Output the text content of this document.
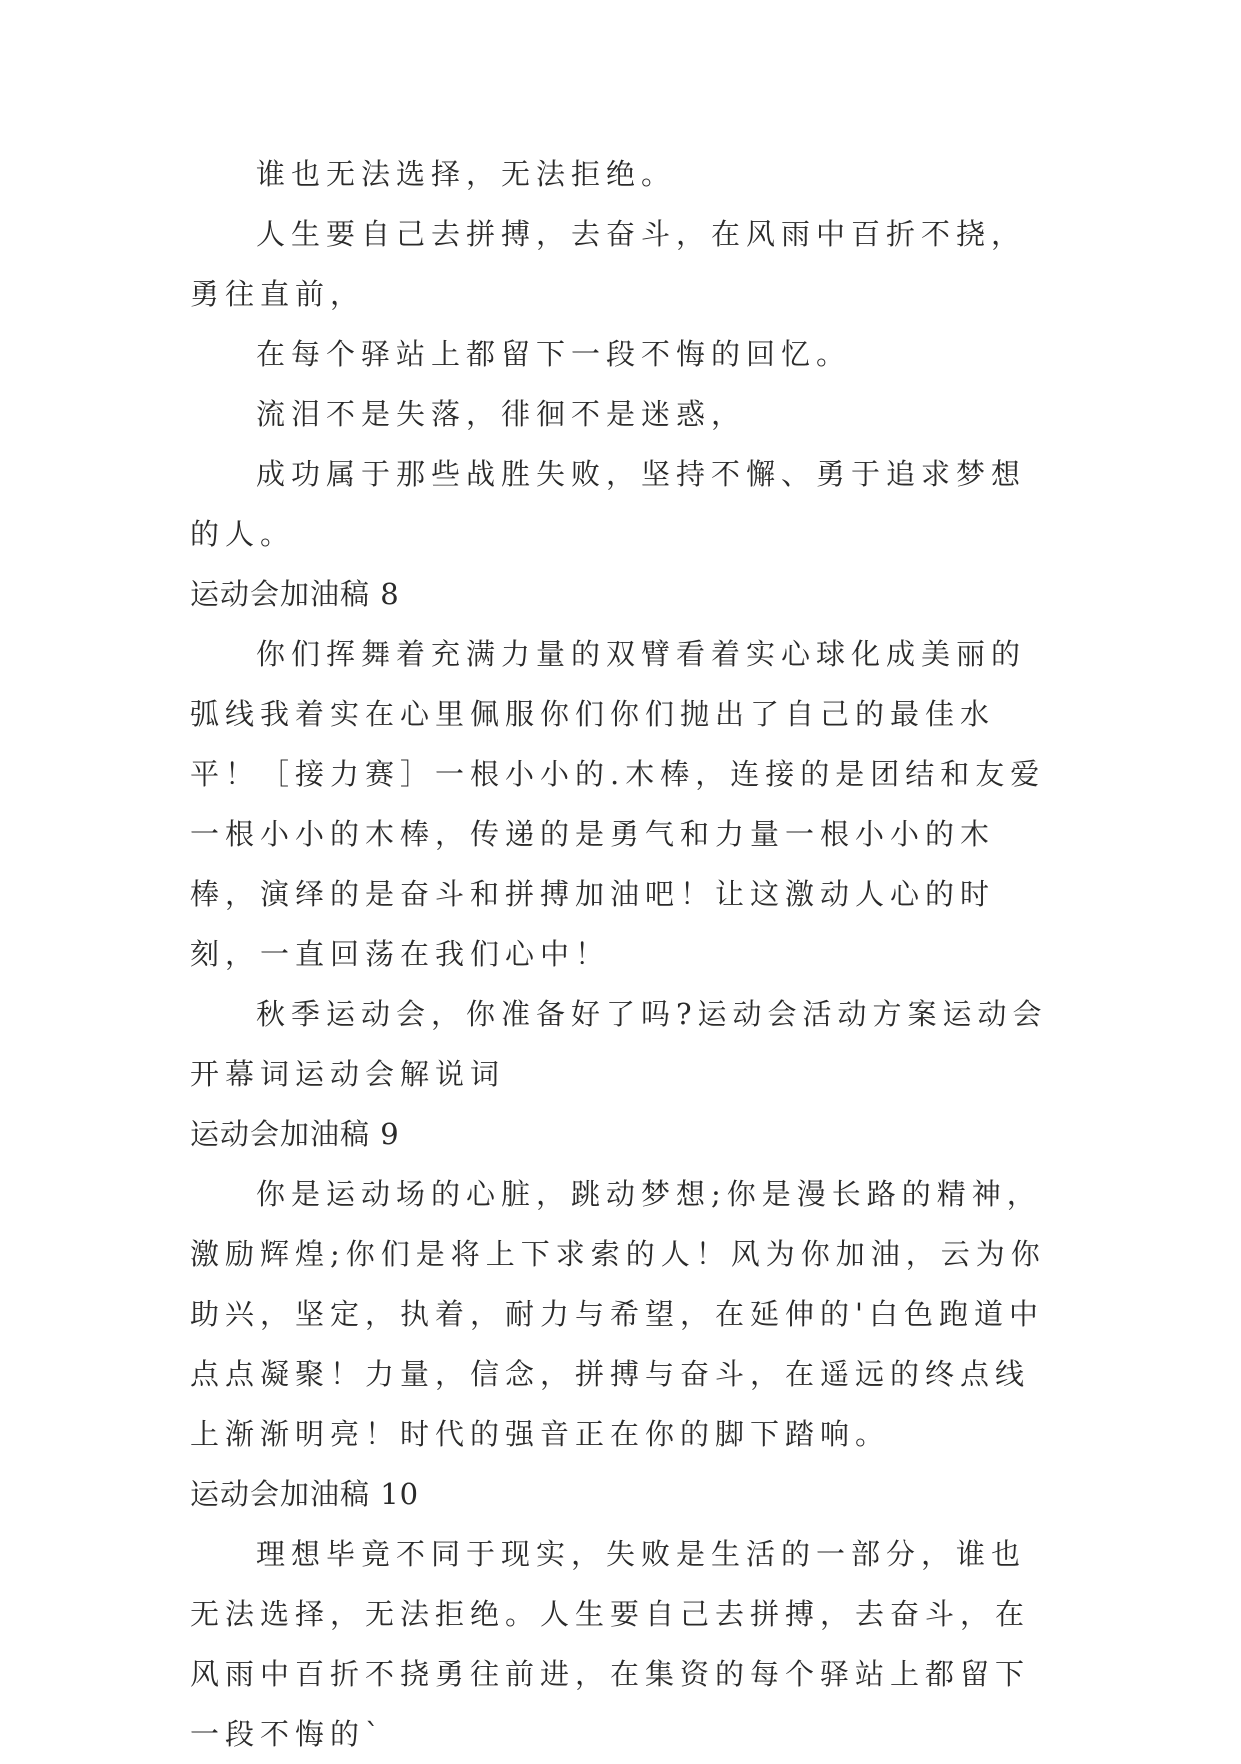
谁也无法选择，无法拒绝。

人生要自己去拼搏，去奋斗，在风雨中百折不挠，勇往直前，

在每个驿站上都留下一段不悔的回忆。

流泪不是失落，徘徊不是迷惑，

成功属于那些战胜失败，坚持不懈、勇于追求梦想的人。

运动会加油稿 8

你们挥舞着充满力量的双臂看着实心球化成美丽的弧线我着实在心里佩服你们你们抛出了自己的最佳水平！［接力赛］一根小小的.木棒，连接的是团结和友爱一根小小的木棒，传递的是勇气和力量一根小小的木棒，演绎的是奋斗和拼搏加油吧！让这激动人心的时刻，一直回荡在我们心中！

秋季运动会，你准备好了吗?运动会活动方案运动会开幕词运动会解说词

运动会加油稿 9

你是运动场的心脏，跳动梦想;你是漫长路的精神，激励辉煌;你们是将上下求索的人！风为你加油，云为你助兴，坚定，执着，耐力与希望，在延伸的'白色跑道中点点凝聚！力量，信念，拼搏与奋斗，在遥远的终点线上渐渐明亮！时代的强音正在你的脚下踏响。

运动会加油稿 10

理想毕竟不同于现实，失败是生活的一部分，谁也无法选择，无法拒绝。人生要自己去拼搏，去奋斗，在风雨中百折不挠勇往前进，在集资的每个驿站上都留下一段不悔的`
